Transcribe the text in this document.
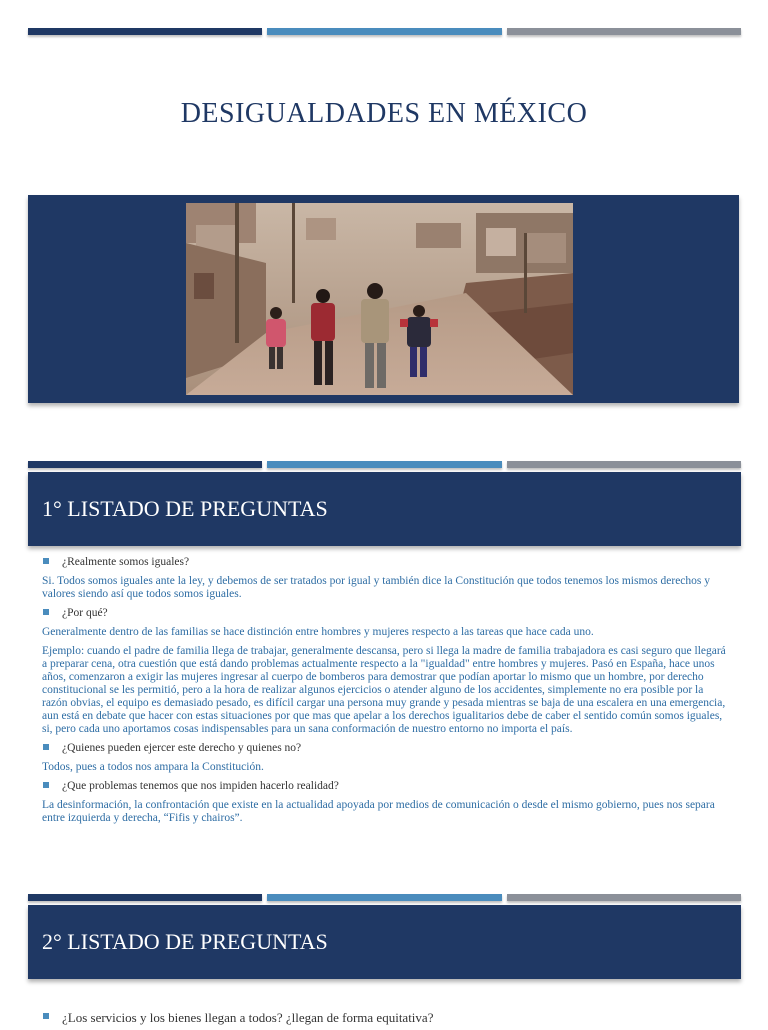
DESIGUALDADES EN MÉXICO
1° LISTADO DE PREGUNTAS
¿Realmente somos iguales?
Si. Todos somos iguales ante la ley, y debemos de ser tratados por igual y también dice la Constitución que todos tenemos los mismos derechos y valores siendo así que todos somos iguales.
¿Por qué?
Generalmente dentro de las familias se hace distinción entre hombres y mujeres respecto a las tareas que hace cada uno.
Ejemplo: cuando el padre de familia llega de trabajar, generalmente descansa, pero si llega la madre de familia trabajadora es casi seguro que llegará a preparar cena, otra cuestión que está dando problemas actualmente respecto a la "igualdad" entre hombres y mujeres. Pasó en España, hace unos años, comenzaron a exigir las mujeres ingresar al cuerpo de bomberos para demostrar que podían aportar lo mismo que un hombre, por derecho constitucional se les permitió, pero a la hora de realizar algunos ejercicios o atender alguno de los accidentes, simplemente no era posible por la razón obvias, el equipo es demasiado pesado, es difícil cargar una persona muy grande y pesada mientras se baja de una escalera en una emergencia, aun está en debate que hacer con estas situaciones por que mas que apelar a los derechos igualitarios debe de caber el sentido común somos iguales, si, pero cada uno aportamos cosas indispensables para un sana conformación de nuestro entorno no importa el país.
¿Quienes pueden ejercer este derecho y quienes no?
Todos, pues a todos nos ampara la Constitución.
¿Que problemas tenemos que nos impiden hacerlo realidad?
La desinformación, la confrontación que existe en la actualidad apoyada por medios de comunicación o desde el mismo gobierno, pues nos separa entre izquierda y derecha, “Fifis y chairos”.
2° LISTADO DE PREGUNTAS
¿Los servicios y los bienes llegan a todos? ¿llegan de forma equitativa?
